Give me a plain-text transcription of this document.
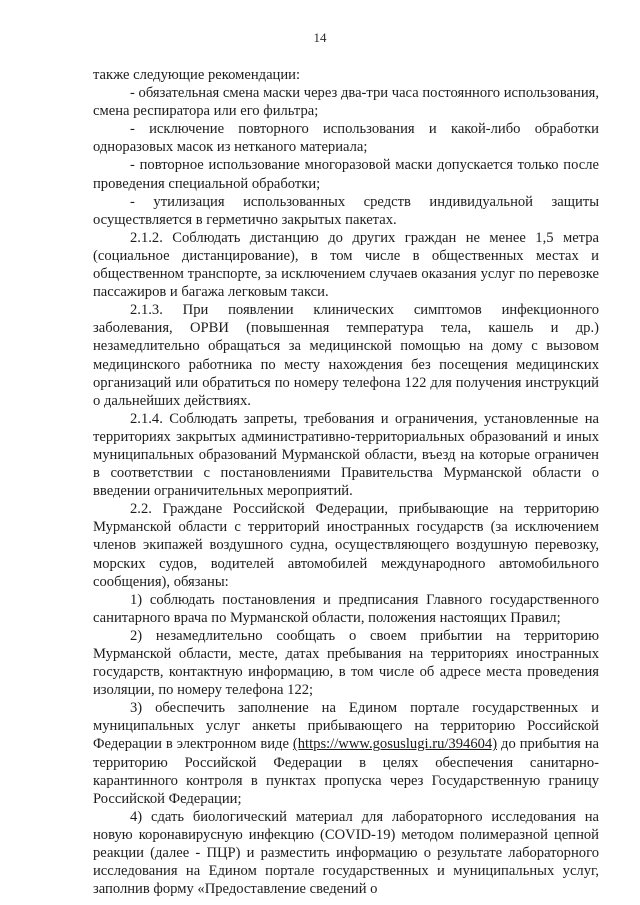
14

также следующие рекомендации:

- обязательная смена маски через два-три часа постоянного использования, смена респиратора или его фильтра;

- исключение повторного использования и какой-либо обработки одноразовых масок из нетканого материала;

- повторное использование многоразовой маски допускается только после проведения специальной обработки;

- утилизация использованных средств индивидуальной защиты осуществляется в герметично закрытых пакетах.

2.1.2. Соблюдать дистанцию до других граждан не менее 1,5 метра (социальное дистанцирование), в том числе в общественных местах и общественном транспорте, за исключением случаев оказания услуг по перевозке пассажиров и багажа легковым такси.

2.1.3. При появлении клинических симптомов инфекционного заболевания, ОРВИ (повышенная температура тела, кашель и др.) незамедлительно обращаться за медицинской помощью на дому с вызовом медицинского работника по месту нахождения без посещения медицинских организаций или обратиться по номеру телефона 122 для получения инструкций о дальнейших действиях.

2.1.4. Соблюдать запреты, требования и ограничения, установленные на территориях закрытых административно-территориальных образований и иных муниципальных образований Мурманской области, въезд на которые ограничен в соответствии с постановлениями Правительства Мурманской области о введении ограничительных мероприятий.

2.2. Граждане Российской Федерации, прибывающие на территорию Мурманской области с территорий иностранных государств (за исключением членов экипажей воздушного судна, осуществляющего воздушную перевозку, морских судов, водителей автомобилей международного автомобильного сообщения), обязаны:

1) соблюдать постановления и предписания Главного государственного санитарного врача по Мурманской области, положения настоящих Правил;

2) незамедлительно сообщать о своем прибытии на территорию Мурманской области, месте, датах пребывания на территориях иностранных государств, контактную информацию, в том числе об адресе места проведения изоляции, по номеру телефона 122;

3) обеспечить заполнение на Едином портале государственных и муниципальных услуг анкеты прибывающего на территорию Российской Федерации в электронном виде (https://www.gosuslugi.ru/394604) до прибытия на территорию Российской Федерации в целях обеспечения санитарно-карантинного контроля в пунктах пропуска через Государственную границу Российской Федерации;

4) сдать биологический материал для лабораторного исследования на новую коронавирусную инфекцию (COVID-19) методом полимеразной цепной реакции (далее - ПЦР) и разместить информацию о результате лабораторного исследования на Едином портале государственных и муниципальных услуг, заполнив форму «Предоставление сведений о
